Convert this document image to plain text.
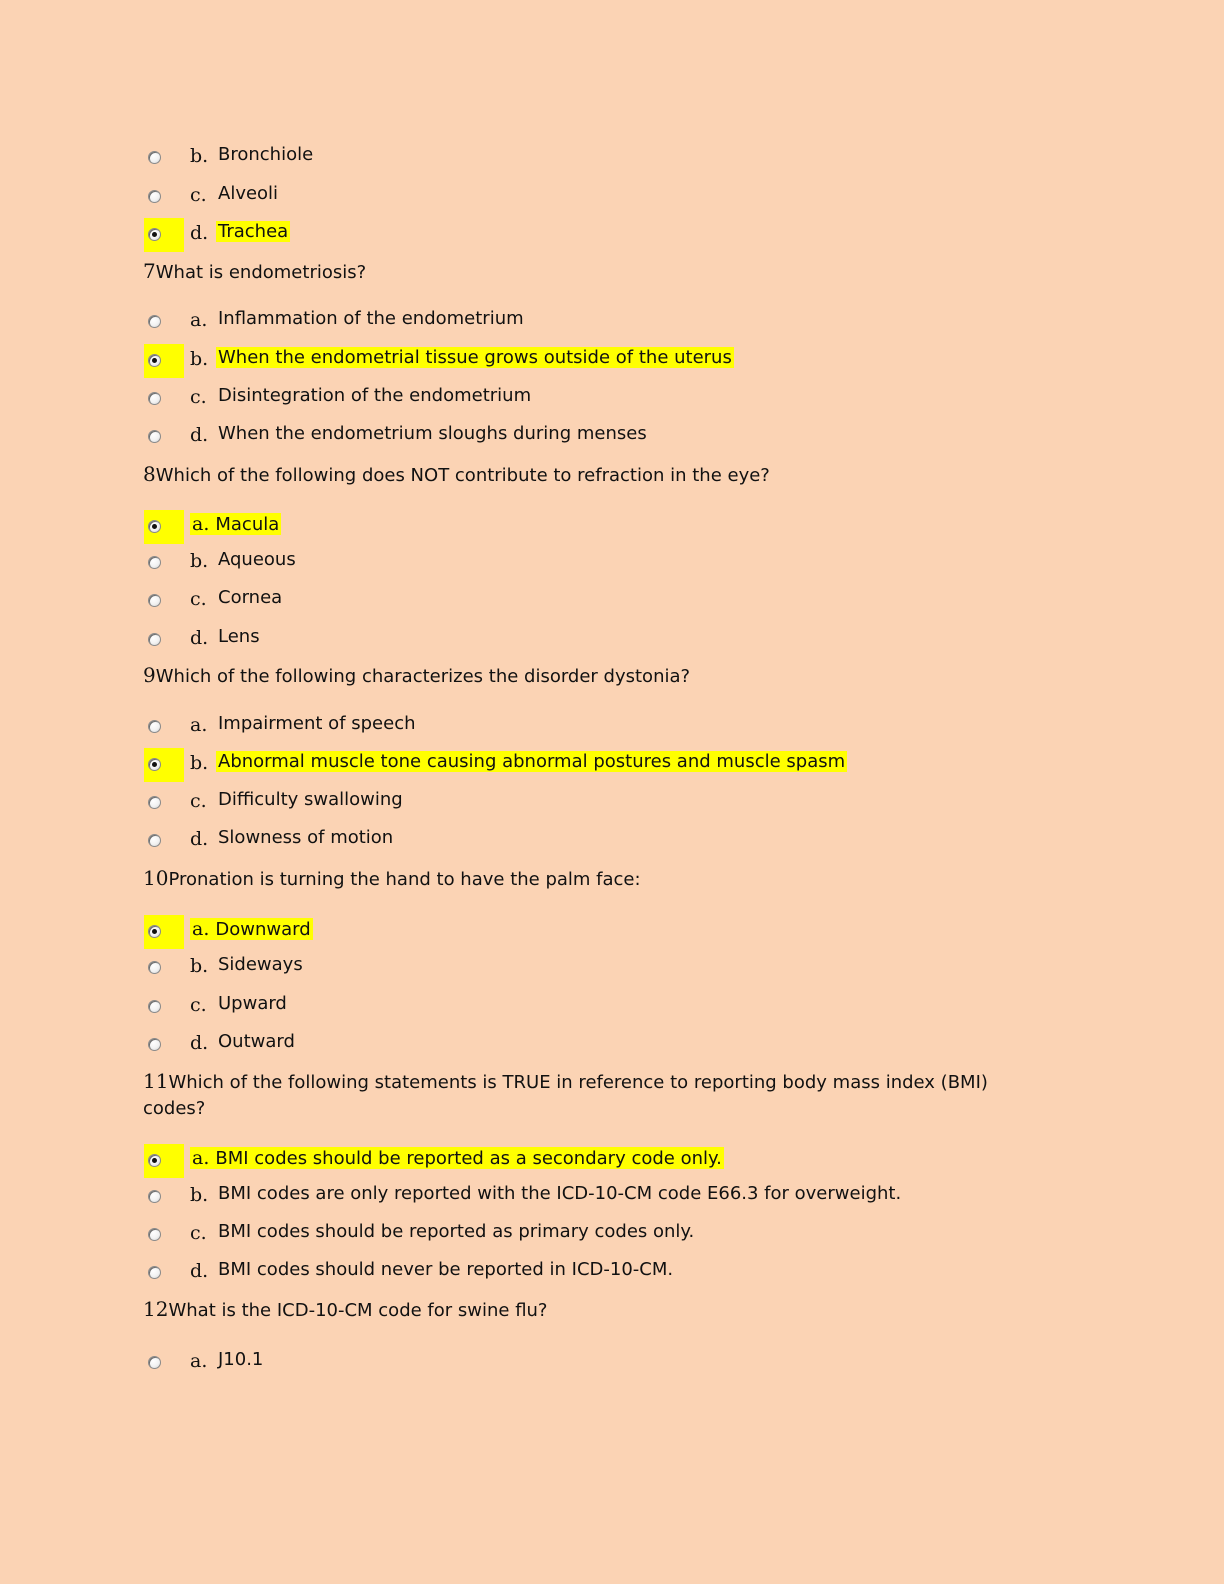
b. Bronchiole
c. Alveoli
d. Trachea
7What is endometriosis?
a. Inflammation of the endometrium
b. When the endometrial tissue grows outside of the uterus
c. Disintegration of the endometrium
d. When the endometrium sloughs during menses
8Which of the following does NOT contribute to refraction in the eye?
a. Macula
b. Aqueous
c. Cornea
d. Lens
9Which of the following characterizes the disorder dystonia?
a. Impairment of speech
b. Abnormal muscle tone causing abnormal postures and muscle spasm
c. Difficulty swallowing
d. Slowness of motion
10Pronation is turning the hand to have the palm face:
a. Downward
b. Sideways
c. Upward
d. Outward
11Which of the following statements is TRUE in reference to reporting body mass index (BMI) codes?
a. BMI codes should be reported as a secondary code only.
b. BMI codes are only reported with the ICD-10-CM code E66.3 for overweight.
c. BMI codes should be reported as primary codes only.
d. BMI codes should never be reported in ICD-10-CM.
12What is the ICD-10-CM code for swine flu?
a. J10.1
